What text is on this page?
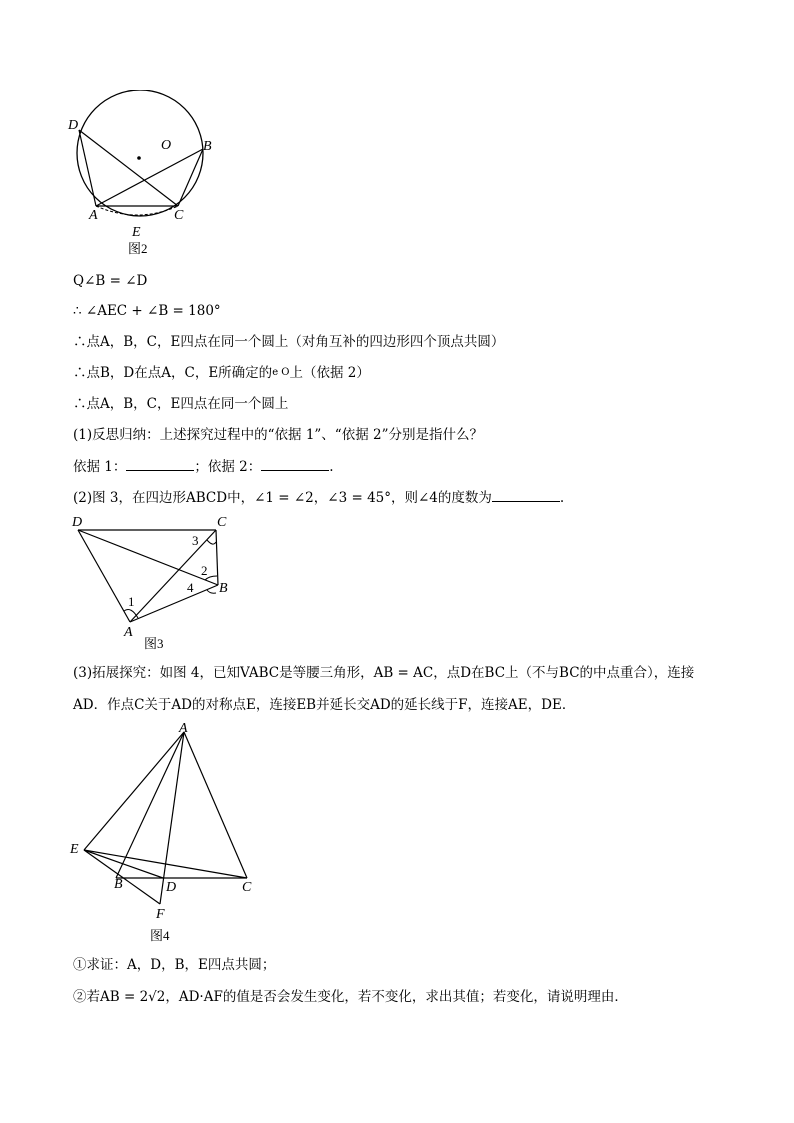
D
O B
A	C
E
图2
Q∠B = ∠D
∴ ∠AEC + ∠B = 180°
∴点A，B，C，E四点在同一个圆上（对角互补的四边形四个顶点共圆）
∴点B，D在点A，C，E所确定的e O上（依据 2）
∴点A，B，C，E四点在同一个圆上
(1)反思归纳：上述探究过程中的“依据 1”、“依据 2”分别是指什么？
依据 1：	；依据 2：	.
(2)图 3，在四边形ABCD中，∠1 = ∠2，∠3 = 45°，则∠4的度数为	.
D	C
A
B
1
2
3
4
图3
(3)拓展探究：如图 4，已知VABC是等腰三角形，AB = AC，点D在BC上（不与BC的中点重合），连接
AD．作点C关于AD的对称点E，连接EB并延长交AD的延长线于F，连接AE，DE．
A
E
B	D	C
F
图4
①求证：A，D，B，E四点共圆；
②若AB = 2√2，AD·AF的值是否会发生变化，若不变化，求出其值；若变化，请说明理由．
